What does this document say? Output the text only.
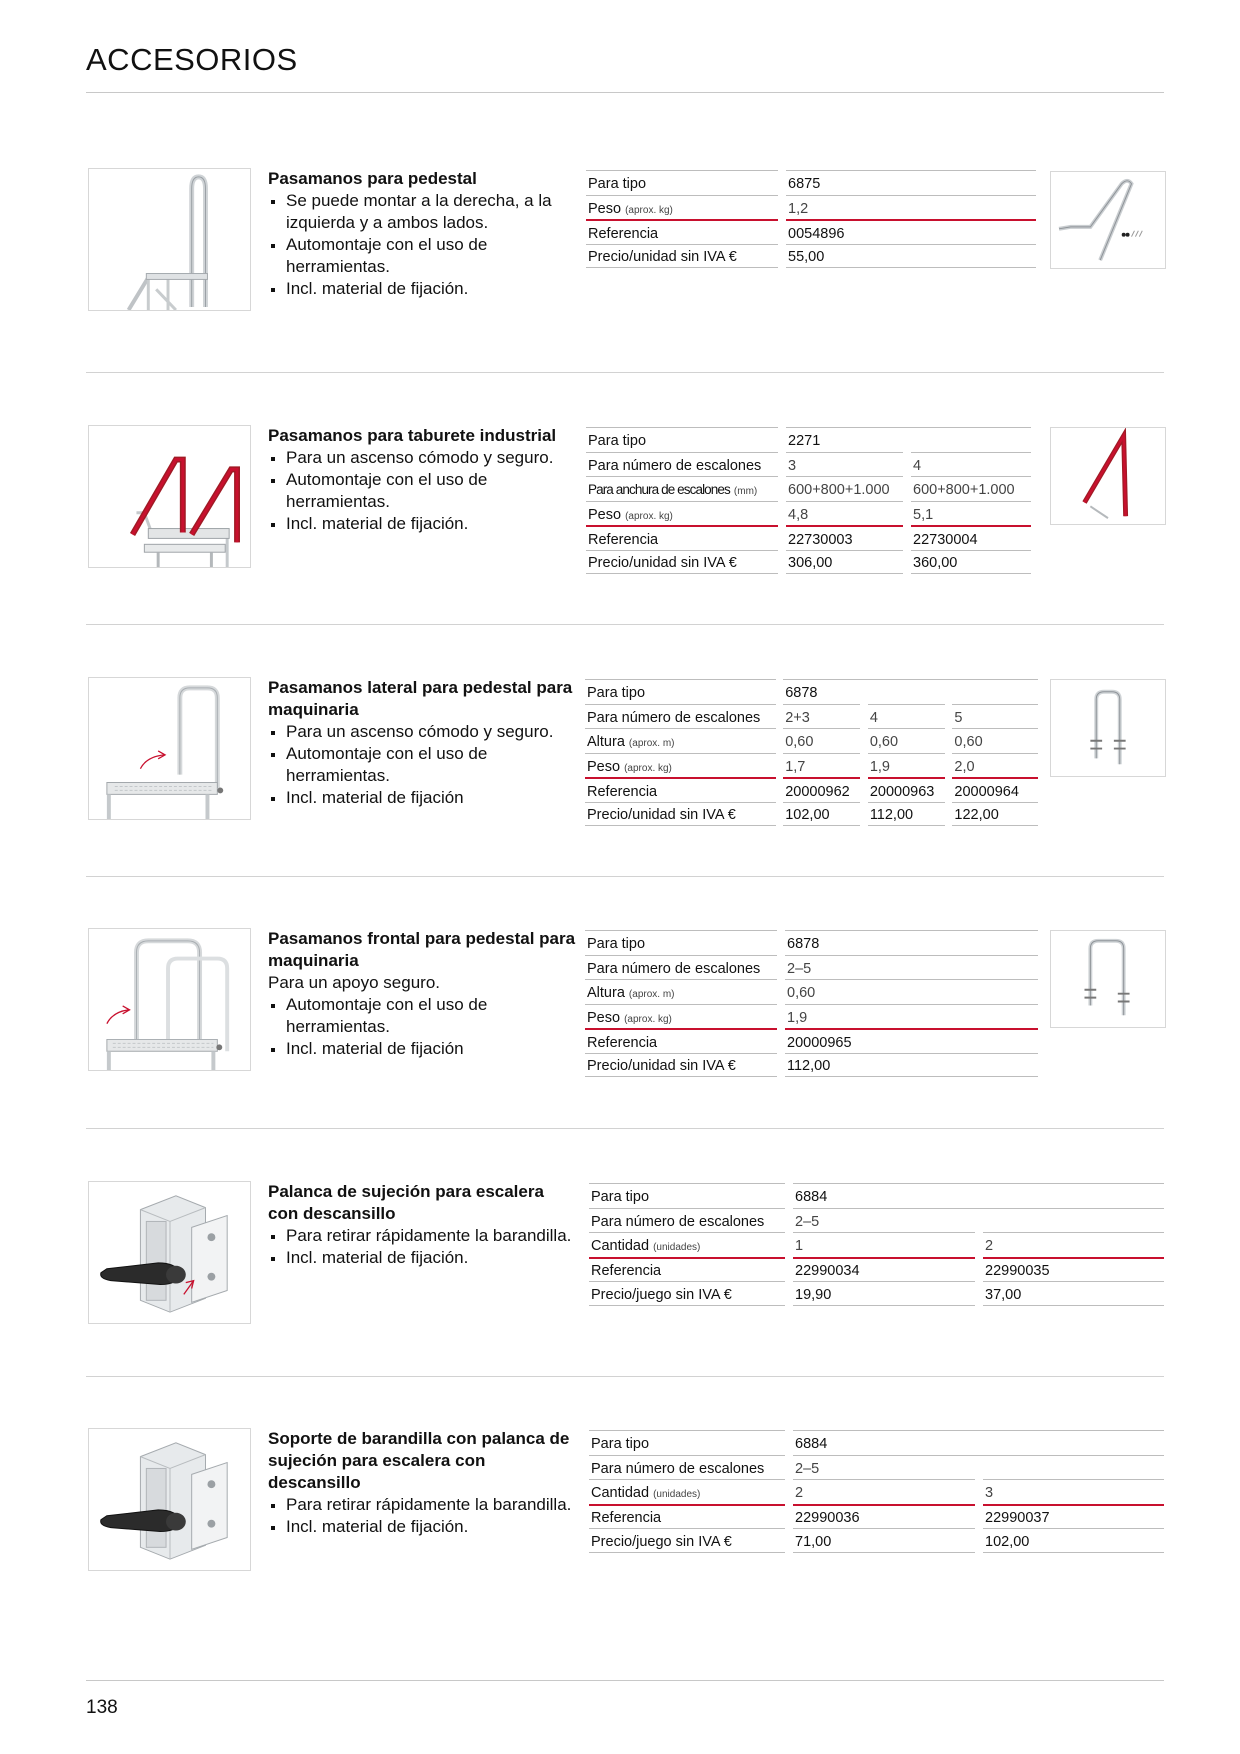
ACCESORIOS
Pasamanos para pedestal
Se puede montar a la derecha, a la izquierda y a ambos lados.
Automontaje con el uso de herramientas.
Incl. material de fijación.
Para tipo		6875
Peso (aprox. kg)		1,2
Referencia		0054896
Precio/unidad sin IVA €		55,00
Pasamanos para taburete industrial
Para un ascenso cómodo y seguro.
Automontaje con el uso de herramientas.
Incl. material de fijación.
Para tipo		2271		
Para número de escalones		3		4
Para anchura de escalones (mm)		600+800+1.000		600+800+1.000
Peso (aprox. kg)		4,8		5,1
Referencia		22730003		22730004
Precio/unidad sin IVA €		306,00		360,00
Pasamanos lateral para pedestal para maquinaria
Para un ascenso cómodo y seguro.
Automontaje con el uso de herramientas.
Incl. material de fijación
Para tipo		6878				
Para número de escalones		2+3		4		5
Altura (aprox. m)		0,60		0,60		0,60
Peso (aprox. kg)		1,7		1,9		2,0
Referencia		20000962		20000963		20000964
Precio/unidad sin IVA €		102,00		112,00		122,00
Pasamanos frontal para pedestal para maquinaria
Para un apoyo seguro.
Automontaje con el uso de herramientas.
Incl. material de fijación
Para tipo		6878
Para número de escalones		2–5
Altura (aprox. m)		0,60
Peso (aprox. kg)		1,9
Referencia		20000965
Precio/unidad sin IVA €		112,00
Palanca de sujeción para escalera con descansillo
Para retirar rápidamente la barandilla.
Incl. material de fijación.
Para tipo		6884		
Para número de escalones		2–5		
Cantidad (unidades)		1		2
Referencia		22990034		22990035
Precio/juego sin IVA €		19,90		37,00
Soporte de barandilla con palanca de sujeción para escalera con descansillo
Para retirar rápidamente la barandilla.
Incl. material de fijación.
Para tipo		6884		
Para número de escalones		2–5		
Cantidad (unidades)		2		3
Referencia		22990036		22990037
Precio/juego sin IVA €		71,00		102,00
138
